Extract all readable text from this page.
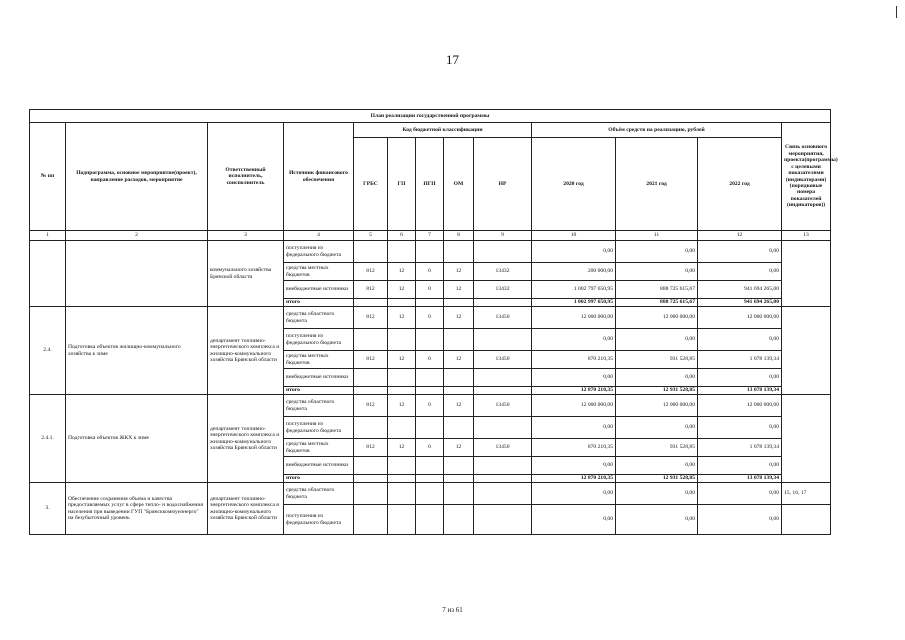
17
План реализации государственной программы												
№ пп	Подпрограмма, основное мероприятие(проект), направление расходов, мероприятие	Ответственный исполнитель, соисполнитель	Источник финансового обеспечения	Код бюджетной классификации					Объём средств на реализацию, рублей			Связь основного мероприятия, проекта(программы) с целевыми показателями (индикаторами) (порядковые номера показателей (индикаторов))
				ГРБС	ГП	ПГП	ОМ	НР	2020 год	2021 год	2022 год	
1	2	3	4	5	6	7	8	9	10	11	12	13
		коммунального хозяйства Брянской области	поступления из федерального бюджета						0,00	0,00	0,00	
			средства местных бюджетов	812	12	0	12	13432	200 000,00	0,00	0,00	
			внебюджетные источники	812	12	0	12	13432	1 002 797 650,95	888 725 615,67	941 694 265,00	
			итого						1 002 997 650,95	888 725 615,67	941 694 265,00	
2.4.	Подготовка объектов жилищно-коммунального хозяйства к зиме	департамент топливно-энергетического комплекса и жилищно-коммунального хозяйства Брянской области	средства областного бюджета	812	12	0	12	13450	12 000 000,00	12 000 000,00	12 000 000,00	
			поступления из федерального бюджета						0,00	0,00	0,00	
			средства местных бюджетов	812	12	0	12	13450	870 210,35	931 528,85	1 078 139,34	
			внебюджетные источники						0,00	0,00	0,00	
			итого						12 870 210,35	12 931 528,85	13 078 139,34	
2.4.1.	Подготовка объектов ЖКХ к зиме	департамент топливно-энергетического комплекса и жилищно-коммунального хозяйства Брянской области	средства областного бюджета	812	12	0	12	13450	12 000 000,00	12 000 000,00	12 000 000,00	
			поступления из федерального бюджета						0,00	0,00	0,00	
			средства местных бюджетов	812	12	0	12	13450	870 210,35	931 528,85	1 078 139,34	
			внебюджетные источники						0,00	0,00	0,00	
			итого						12 870 210,35	12 931 528,85	13 078 139,34	
3.	Обеспечение сохранения объема и качества предоставляемых услуг в сфере тепло- и водоснабжения населения при выведении ГУП "Брянсккоммунэнерго" на безубыточный уровень	департамент топливно-энергетического комплекса и жилищно-коммунального хозяйства Брянской области	средства областного бюджета						0,00	0,00	0,00	15, 16, 17
			поступления из федерального бюджета						0,00	0,00	0,00	
7 из 61
